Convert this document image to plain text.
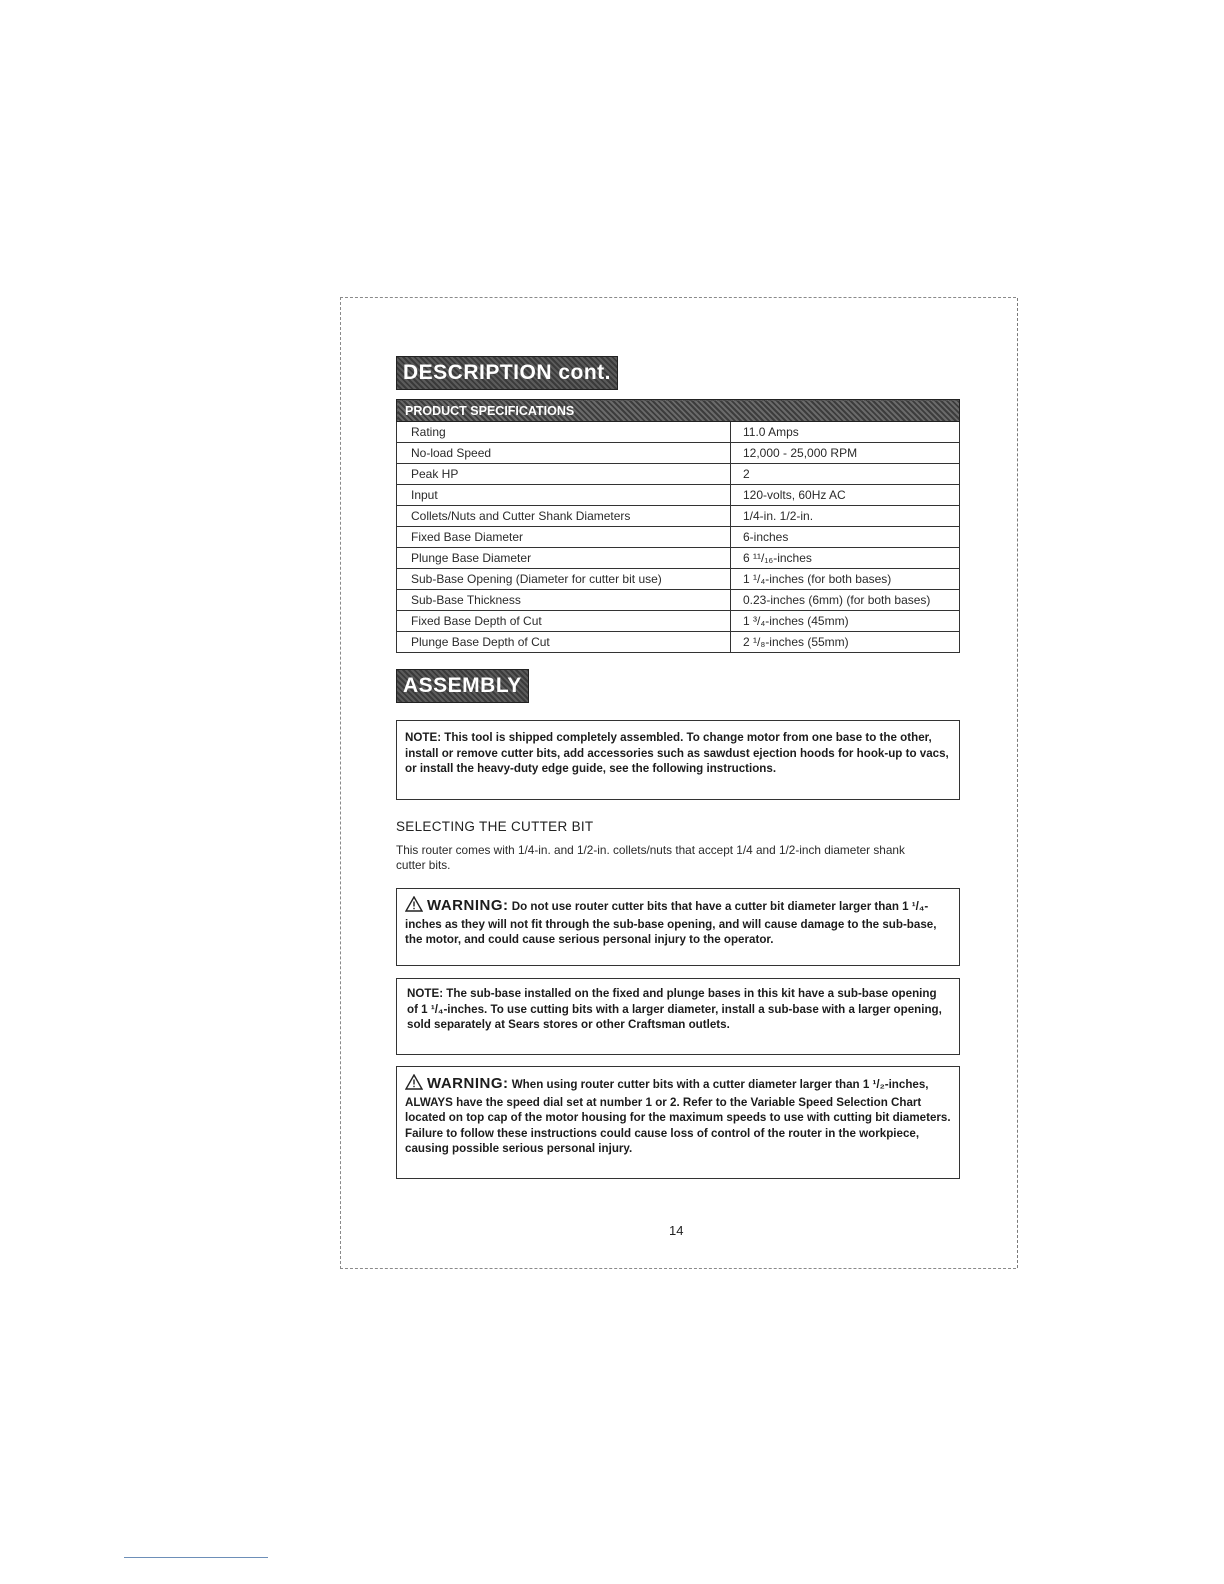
DESCRIPTION cont.
PRODUCT SPECIFICATIONS	
Rating	11.0 Amps
No-load Speed	12,000 - 25,000 RPM
Peak HP	2
Input	120-volts, 60Hz AC
Collets/Nuts and Cutter Shank Diameters	1/4-in. 1/2-in.
Fixed Base Diameter	6-inches
Plunge Base Diameter	6 ¹¹/₁₆-inches
Sub-Base Opening (Diameter for cutter bit use)	1 ¹/₄-inches (for both bases)
Sub-Base Thickness	0.23-inches (6mm) (for both bases)
Fixed Base Depth of Cut	1 ³/₄-inches (45mm)
Plunge Base Depth of Cut	2 ¹/₈-inches (55mm)
ASSEMBLY
NOTE: This tool is shipped completely assembled. To change motor from one base to the other, install or remove cutter bits, add accessories such as sawdust ejection hoods for hook-up to vacs, or install the heavy-duty edge guide, see the following instructions.
SELECTING THE CUTTER BIT
This router comes with 1/4-in. and 1/2-in. collets/nuts that accept 1/4 and 1/2-inch diameter shank cutter bits.
WARNING: Do not use router cutter bits that have a cutter bit diameter larger than 1 ¹/₄-inches as they will not fit through the sub-base opening, and will cause damage to the sub-base, the motor, and could cause serious personal injury to the operator.
NOTE: The sub-base installed on the fixed and plunge bases in this kit have a sub-base opening of 1 ¹/₄-inches. To use cutting bits with a larger diameter, install a sub-base with a larger opening, sold separately at Sears stores or other Craftsman outlets.
WARNING: When using router cutter bits with a cutter diameter larger than 1 ¹/₂-inches, ALWAYS have the speed dial set at number 1 or 2. Refer to the Variable Speed Selection Chart located on top cap of the motor housing for the maximum speeds to use with cutting bit diameters. Failure to follow these instructions could cause loss of control of the router in the workpiece, causing possible serious personal injury.
14
